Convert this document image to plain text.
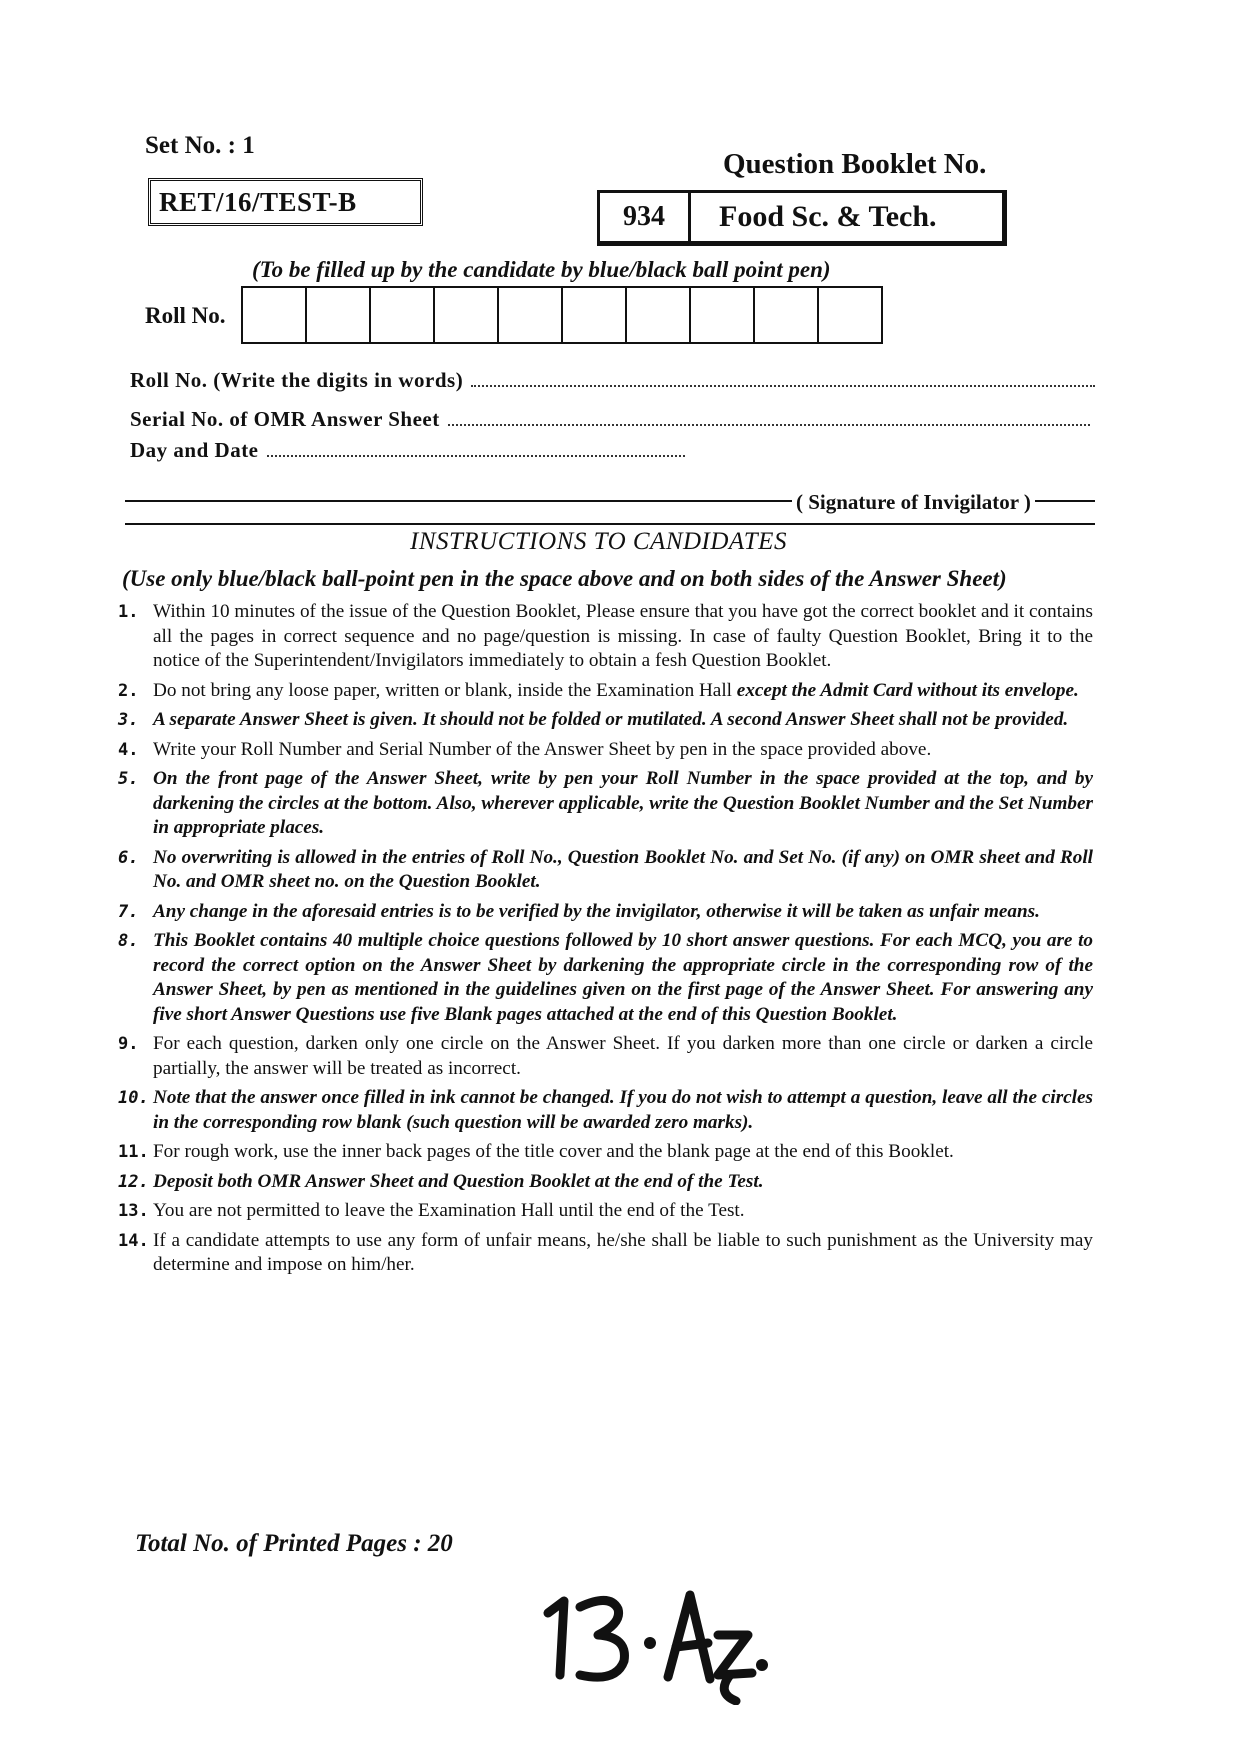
Set No. : 1
RET/16/TEST-B
Question Booklet No.
934	Food Sc. & Tech.
(To be filled up by the candidate by blue/black ball point pen)
Roll No.
Roll No. (Write the digits in words)
Serial No. of OMR Answer Sheet
Day and Date
( Signature of Invigilator )
INSTRUCTIONS TO CANDIDATES
(Use only blue/black ball-point pen in the space above and on both sides of the Answer Sheet)
1. Within 10 minutes of the issue of the Question Booklet, Please ensure that you have got the correct booklet and it contains all the pages in correct sequence and no page/question is missing. In case of faulty Question Booklet, Bring it to the notice of the Superintendent/Invigilators immediately to obtain a fesh Question Booklet.
2. Do not bring any loose paper, written or blank, inside the Examination Hall except the Admit Card without its envelope.
3. A separate Answer Sheet is given. It should not be folded or mutilated. A second Answer Sheet shall not be provided.
4. Write your Roll Number and Serial Number of the Answer Sheet by pen in the space provided above.
5. On the front page of the Answer Sheet, write by pen your Roll Number in the space provided at the top, and by darkening the circles at the bottom. Also, wherever applicable, write the Question Booklet Number and the Set Number in appropriate places.
6. No overwriting is allowed in the entries of Roll No., Question Booklet No. and Set No. (if any) on OMR sheet and Roll No. and OMR sheet no. on the Question Booklet.
7. Any change in the aforesaid entries is to be verified by the invigilator, otherwise it will be taken as unfair means.
8. This Booklet contains 40 multiple choice questions followed by 10 short answer questions. For each MCQ, you are to record the correct option on the Answer Sheet by darkening the appropriate circle in the corresponding row of the Answer Sheet, by pen as mentioned in the guidelines given on the first page of the Answer Sheet. For answering any five short Answer Questions use five Blank pages attached at the end of this Question Booklet.
9. For each question, darken only one circle on the Answer Sheet. If you darken more than one circle or darken a circle partially, the answer will be treated as incorrect.
10. Note that the answer once filled in ink cannot be changed. If you do not wish to attempt a question, leave all the circles in the corresponding row blank (such question will be awarded zero marks).
11. For rough work, use the inner back pages of the title cover and the blank page at the end of this Booklet.
12. Deposit both OMR Answer Sheet and Question Booklet at the end of the Test.
13. You are not permitted to leave the Examination Hall until the end of the Test.
14. If a candidate attempts to use any form of unfair means, he/she shall be liable to such punishment as the University may determine and impose on him/her.
Total No. of Printed Pages : 20
